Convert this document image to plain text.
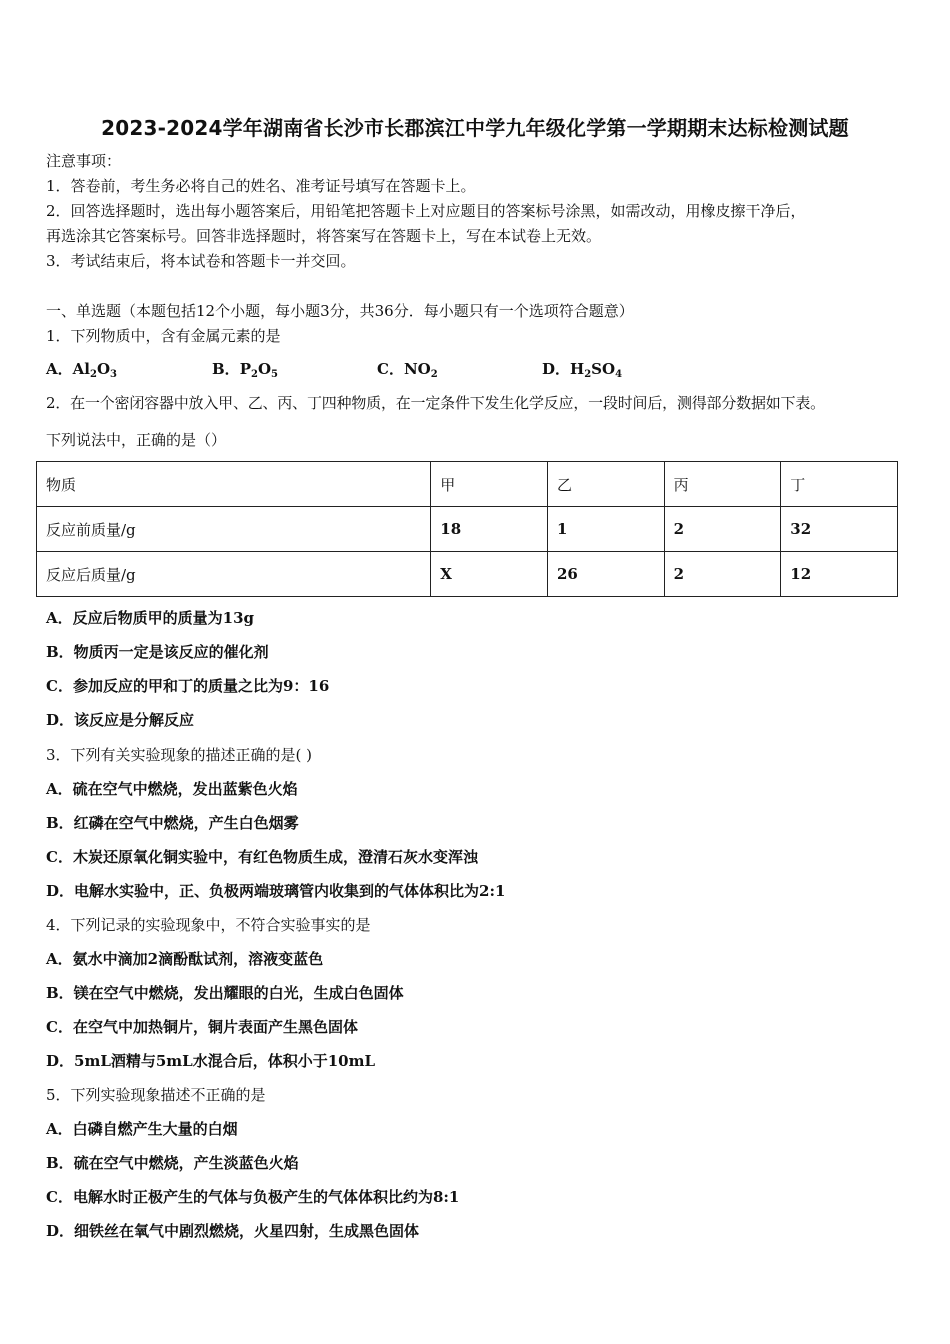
2023-2024学年湖南省长沙市长郡滨江中学九年级化学第一学期期末达标检测试题
注意事项：
1．答卷前，考生务必将自己的姓名、准考证号填写在答题卡上。
2．回答选择题时，选出每小题答案后，用铅笔把答题卡上对应题目的答案标号涂黑，如需改动，用橡皮擦干净后，
再选涂其它答案标号。回答非选择题时，将答案写在答题卡上，写在本试卷上无效。
3．考试结束后，将本试卷和答题卡一并交回。
一、单选题（本题包括12个小题，每小题3分，共36分．每小题只有一个选项符合题意）
1．下列物质中，含有金属元素的是
A．$Al_2O_3$	B．$P_2O_5$	C．$NO_2$	D．$H_2SO_4$
2．在一个密闭容器中放入甲、乙、丙、丁四种物质，在一定条件下发生化学反应，一段时间后，测得部分数据如下表。
下列说法中，正确的是（）
物质	甲	乙	丙	丁
反应前质量/g	18	1	2	32
反应后质量/g	X	26	2	12
A．反应后物质甲的质量为13g
B．物质丙一定是该反应的催化剂
C．参加反应的甲和丁的质量之比为9：16
D．该反应是分解反应
3．下列有关实验现象的描述正确的是( )
A．硫在空气中燃烧，发出蓝紫色火焰
B．红磷在空气中燃烧，产生白色烟雾
C．木炭还原氧化铜实验中，有红色物质生成，澄清石灰水变浑浊
D．电解水实验中，正、负极两端玻璃管内收集到的气体体积比为2:1
4．下列记录的实验现象中，不符合实验事实的是
A．氨水中滴加2滴酚酞试剂，溶液变蓝色
B．镁在空气中燃烧，发出耀眼的白光，生成白色固体
C．在空气中加热铜片，铜片表面产生黑色固体
D．5mL酒精与5mL水混合后，体积小于10mL
5．下列实验现象描述不正确的是
A．白磷自燃产生大量的白烟
B．硫在空气中燃烧，产生淡蓝色火焰
C．电解水时正极产生的气体与负极产生的气体体积比约为8:1
D．细铁丝在氧气中剧烈燃烧，火星四射，生成黑色固体
